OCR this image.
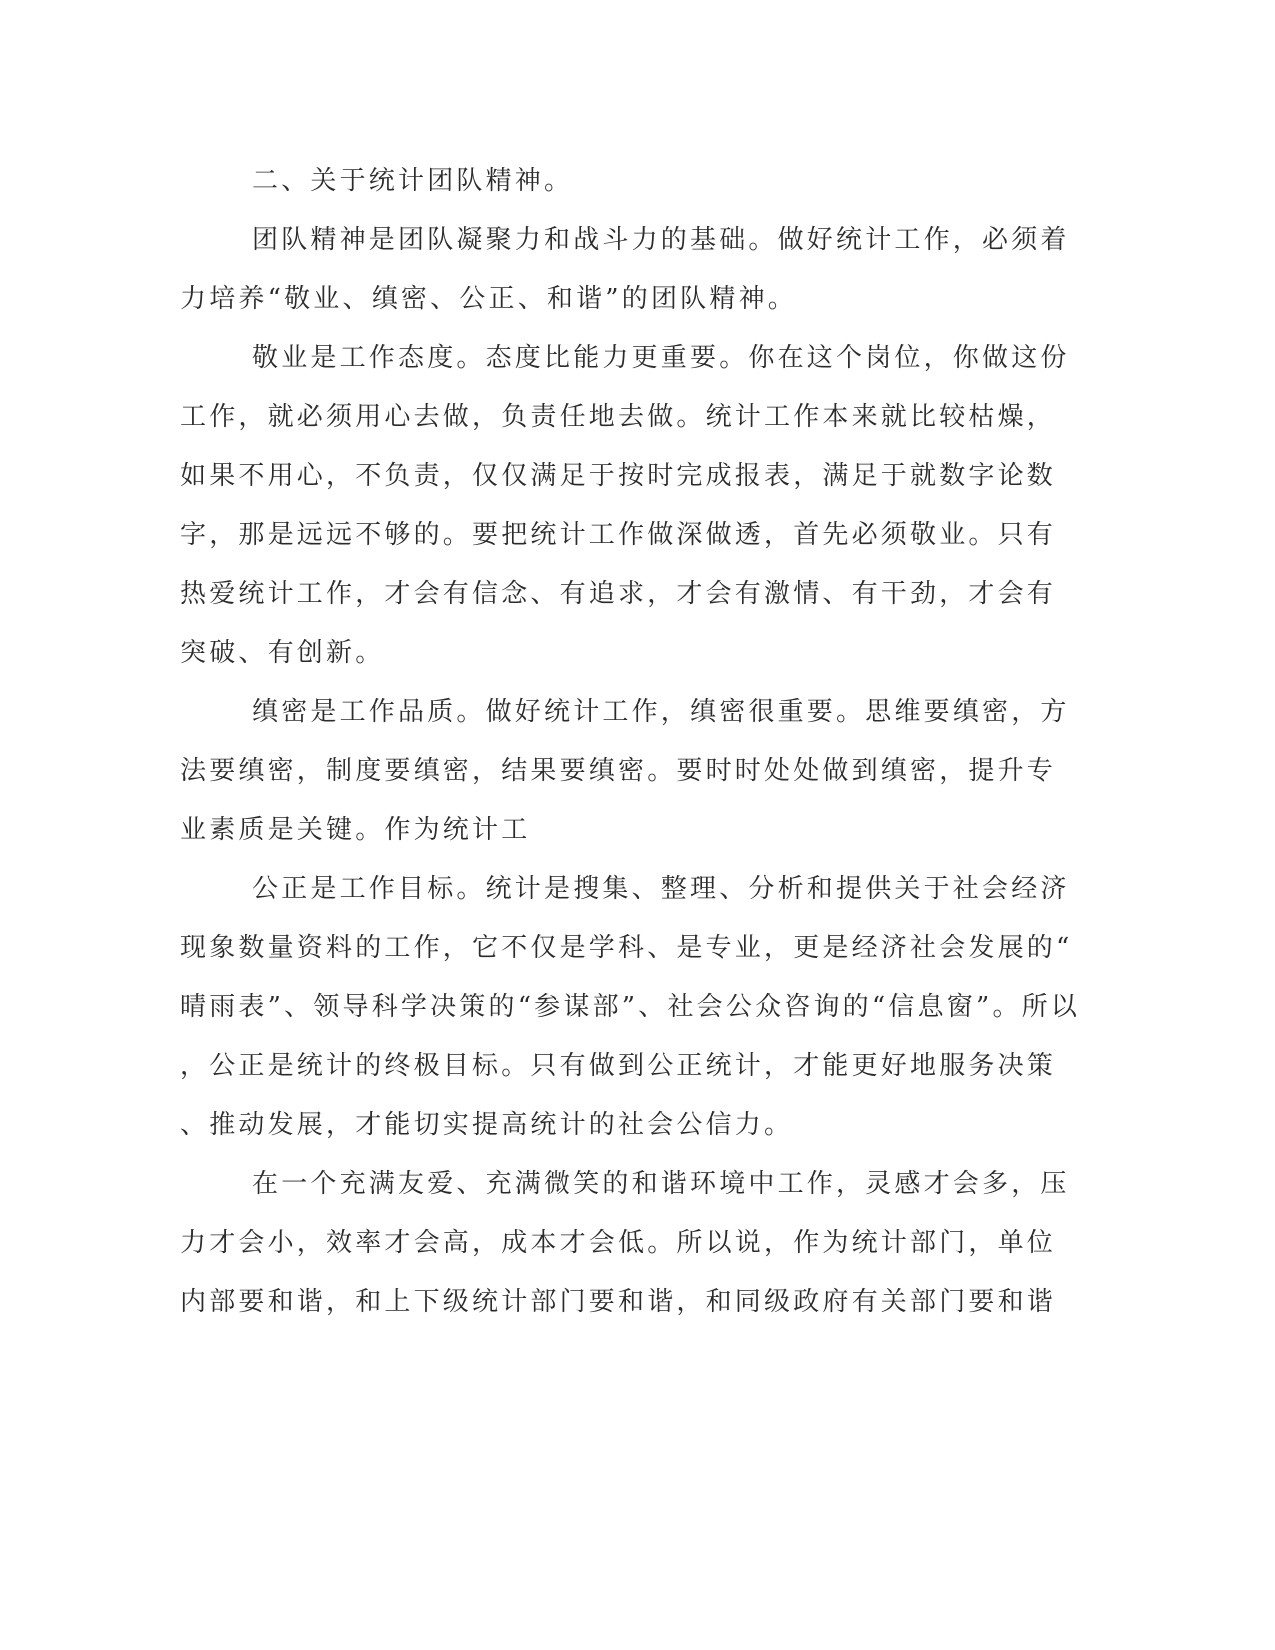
二、关于统计团队精神。

团队精神是团队凝聚力和战斗力的基础。做好统计工作，必须着
力培养“敬业、缜密、公正、和谐”的团队精神。

敬业是工作态度。态度比能力更重要。你在这个岗位，你做这份
工作，就必须用心去做，负责任地去做。统计工作本来就比较枯燥，
如果不用心，不负责，仅仅满足于按时完成报表，满足于就数字论数
字，那是远远不够的。要把统计工作做深做透，首先必须敬业。只有
热爱统计工作，才会有信念、有追求，才会有激情、有干劲，才会有
突破、有创新。

缜密是工作品质。做好统计工作，缜密很重要。思维要缜密，方
法要缜密，制度要缜密，结果要缜密。要时时处处做到缜密，提升专
业素质是关键。作为统计工

公正是工作目标。统计是搜集、整理、分析和提供关于社会经济
现象数量资料的工作，它不仅是学科、是专业，更是经济社会发展的“
晴雨表”、领导科学决策的“参谋部”、社会公众咨询的“信息窗”。所以
，公正是统计的终极目标。只有做到公正统计，才能更好地服务决策
、推动发展，才能切实提高统计的社会公信力。

在一个充满友爱、充满微笑的和谐环境中工作，灵感才会多，压
力才会小，效率才会高，成本才会低。所以说，作为统计部门，单位
内部要和谐，和上下级统计部门要和谐，和同级政府有关部门要和谐
